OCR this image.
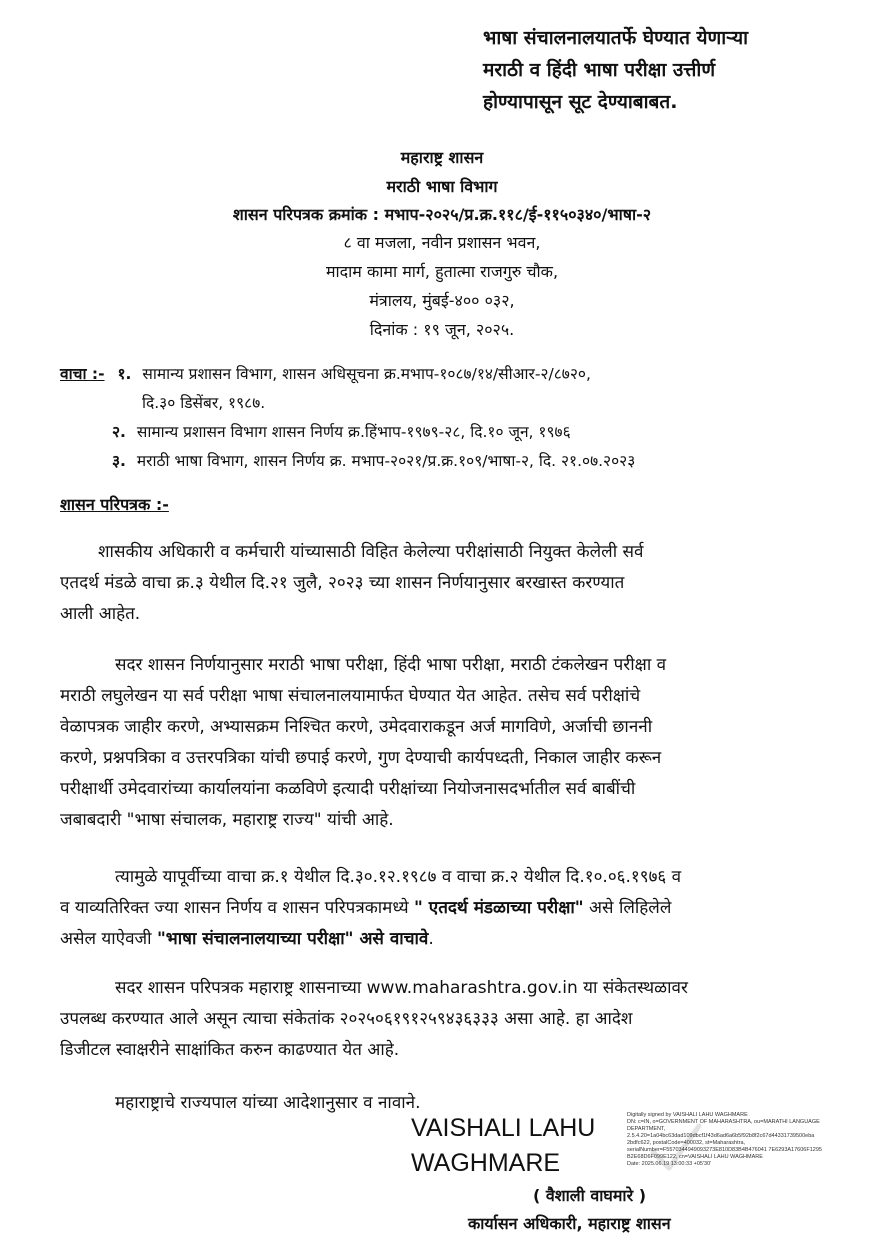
भाषा संचालनालयातर्फे घेण्यात येणाऱ्या
मराठी व हिंदी भाषा परीक्षा उत्तीर्ण
होण्यापासून सूट देण्याबाबत.
महाराष्ट्र शासन
मराठी भाषा विभाग
शासन परिपत्रक क्रमांक : मभाप-२०२५/प्र.क्र.११८/ई-११५०३४०/भाषा-२
८ वा मजला, नवीन प्रशासन भवन,
मादाम कामा मार्ग, हुतात्मा राजगुरु चौक,
मंत्रालय, मुंबई-४०० ०३२,
दिनांक : १९ जून, २०२५.
वाचा :- १. सामान्य प्रशासन विभाग, शासन अधिसूचना क्र.मभाप-१०८७/१४/सीआर-२/८७२०,
दि.३० डिसेंबर, १९८७.
२. सामान्य प्रशासन विभाग शासन निर्णय क्र.हिंभाप-१९७९-२८, दि.१० जून, १९७६
३. मराठी भाषा विभाग, शासन निर्णय क्र. मभाप-२०२१/प्र.क्र.१०९/भाषा-२, दि. २१.०७.२०२३
शासन परिपत्रक :-
शासकीय अधिकारी व कर्मचारी यांच्यासाठी विहित केलेल्या परीक्षांसाठी नियुक्त केलेली सर्व
एतदर्थ मंडळे वाचा क्र.३ येथील दि.२१ जुलै, २०२३ च्या शासन निर्णयानुसार बरखास्त करण्यात
आली आहेत.
सदर शासन निर्णयानुसार मराठी भाषा परीक्षा, हिंदी भाषा परीक्षा, मराठी टंकलेखन परीक्षा व
मराठी लघुलेखन या सर्व परीक्षा भाषा संचालनालयामार्फत घेण्यात येत आहेत. तसेच सर्व परीक्षांचे
वेळापत्रक जाहीर करणे, अभ्यासक्रम निश्चित करणे, उमेदवाराकडून अर्ज मागविणे, अर्जाची छाननी
करणे, प्रश्नपत्रिका व उत्तरपत्रिका यांची छपाई करणे, गुण देण्याची कार्यपध्दती, निकाल जाहीर करून
परीक्षार्थी उमेदवारांच्या कार्यालयांना कळविणे इत्यादी परीक्षांच्या नियोजनासदर्भातील सर्व बाबींची
जबाबदारी "भाषा संचालक, महाराष्ट्र राज्य" यांची आहे.
त्यामुळे यापूर्वीच्या वाचा क्र.१ येथील दि.३०.१२.१९८७ व वाचा क्र.२ येथील दि.१०.०६.१९७६ व
व याव्यतिरिक्त ज्या शासन निर्णय व शासन परिपत्रकामध्ये " एतदर्थ मंडळाच्या परीक्षा" असे लिहिलेले
असेल याऐवजी "भाषा संचालनालयाच्या परीक्षा" असे वाचावे.
सदर शासन परिपत्रक महाराष्ट्र शासनाच्या www.maharashtra.gov.in या संकेतस्थळावर
उपलब्ध करण्यात आले असून त्याचा संकेतांक २०२५०६१९१२५९४३६३३३ असा आहे. हा आदेश
डिजीटल स्वाक्षरीने साक्षांकित करुन काढण्यात येत आहे.
महाराष्ट्राचे राज्यपाल यांच्या आदेशानुसार व नावाने.
VAISHALI LAHU
WAGHMARE
Digitally signed by VAISHALI LAHU WAGHMARE
DN: c=IN, o=GOVERNMENT OF MAHARASHTRA, ou=MARATHI LANGUAGE
DEPARTMENT,
2.5.4.20=1a04bc63dad109dbcf1f43d6ad6a6b5f92b8f2c67d44331739500eba
2bdfc622, postalCode=400032, st=Maharashtra,
serialNumber=F5570344949093273E810D83B4B476041 7E6293A17606F1295
B2E68D6F099E122, cn=VAISHALI LAHU WAGHMARE
Date: 2025.06.19 13:00:33 +05'30'
( वैशाली वाघमारे )
कार्यासन अधिकारी, महाराष्ट्र शासन
